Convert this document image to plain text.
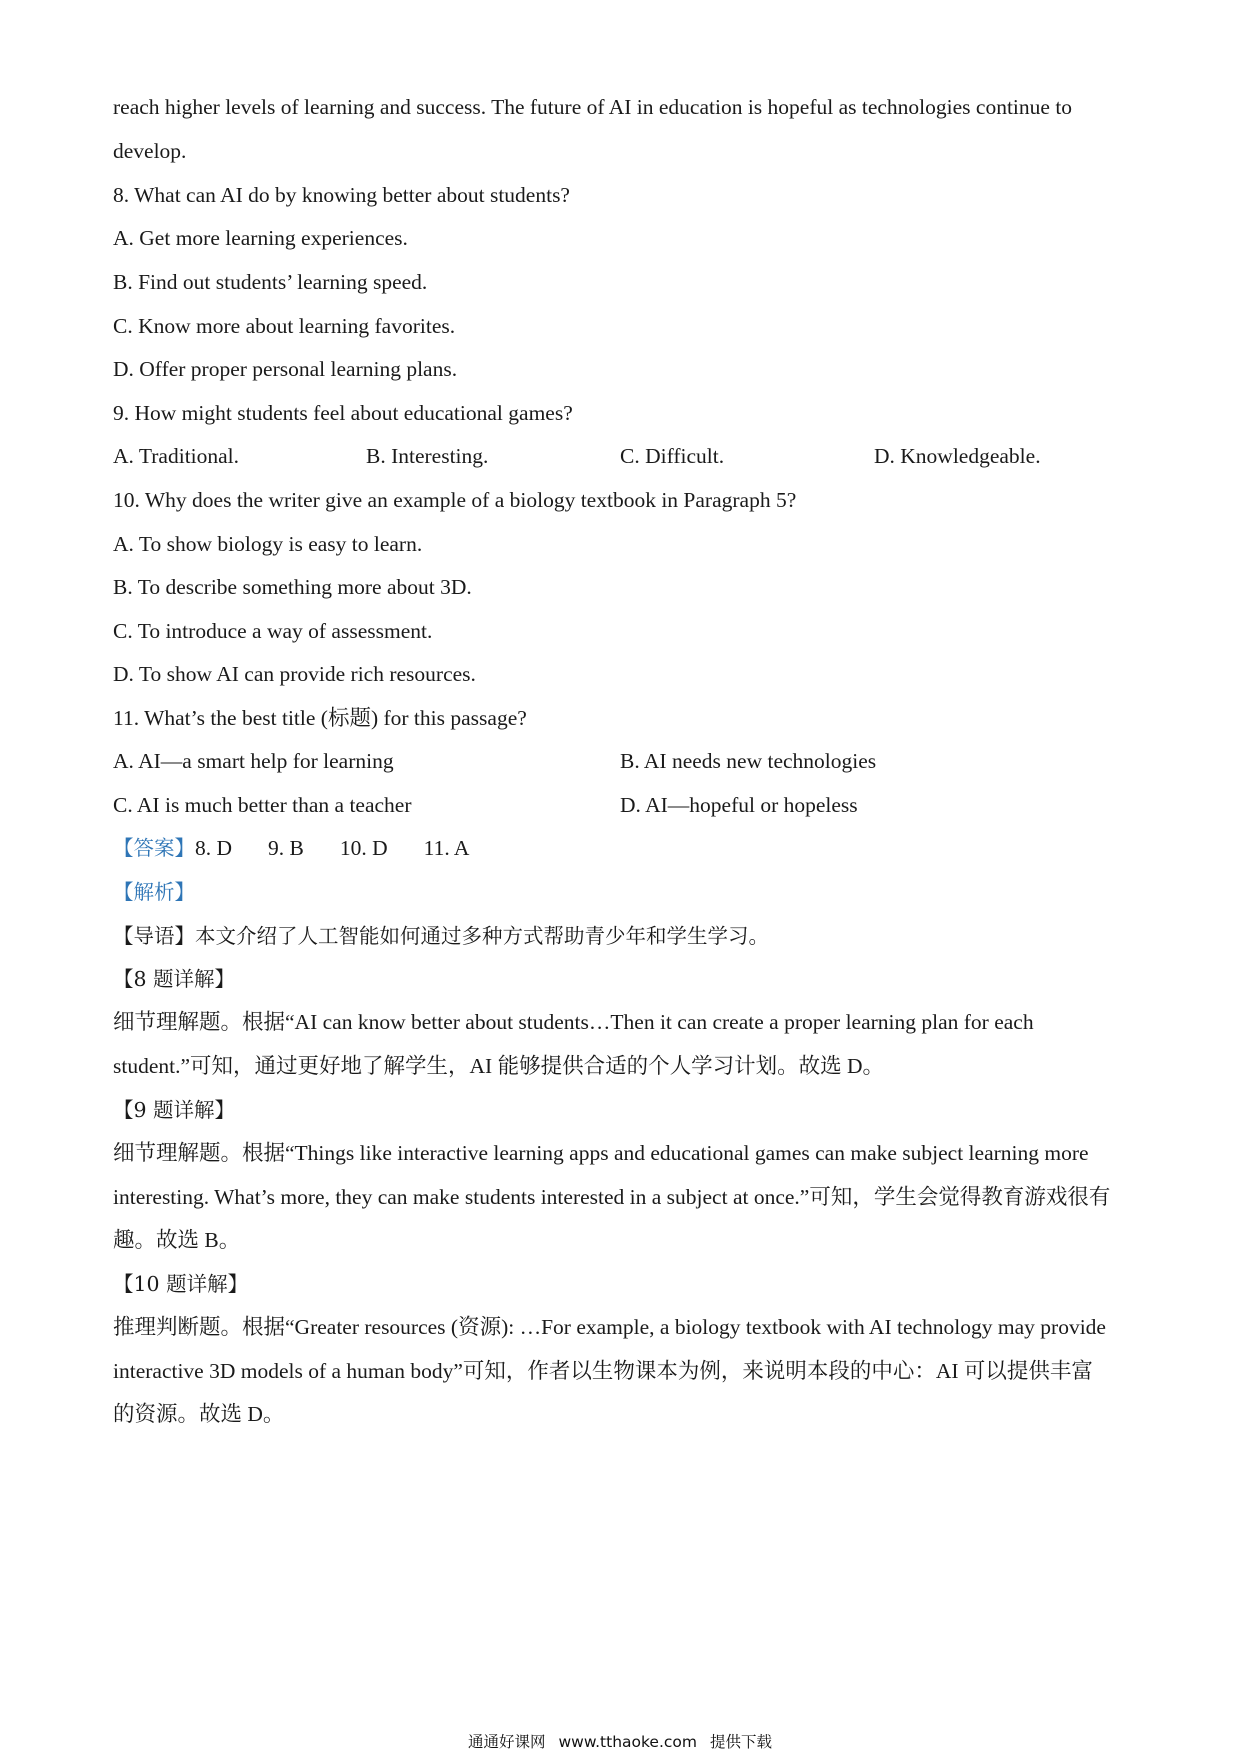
reach higher levels of learning and success. The future of AI in education is hopeful as technologies continue to
develop.
8. What can AI do by knowing better about students?
A. Get more learning experiences.
B. Find out students’ learning speed.
C. Know more about learning favorites.
D. Offer proper personal learning plans.
9. How might students feel about educational games?
A. Traditional.	B. Interesting.	C. Difficult.	D. Knowledgeable.
10. Why does the writer give an example of a biology textbook in Paragraph 5?
A. To show biology is easy to learn.
B. To describe something more about 3D.
C. To introduce a way of assessment.
D. To show AI can provide rich resources.
11. What’s the best title (标题) for this passage?
A. AI—a smart help for learning	B. AI needs new technologies
C. AI is much better than a teacher	D. AI—hopeful or hopeless
【答案】8. D 9. B 10. D 11. A
【解析】
【导语】本文介绍了人工智能如何通过多种方式帮助青少年和学生学习。
【8 题详解】
细节理解题。根据“AI can know better about students…Then it can create a proper learning plan for each
student.”可知，通过更好地了解学生，AI 能够提供合适的个人学习计划。故选 D。
【9 题详解】
细节理解题。根据“Things like interactive learning apps and educational games can make subject learning more
interesting. What’s more, they can make students interested in a subject at once.”可知，学生会觉得教育游戏很有
趣。故选 B。
【10 题详解】
推理判断题。根据“Greater resources (资源): …For example, a biology textbook with AI technology may provide
interactive 3D models of a human body”可知，作者以生物课本为例，来说明本段的中心：AI 可以提供丰富
的资源。故选 D。
通通好课网 www.tthaoke.com 提供下载
